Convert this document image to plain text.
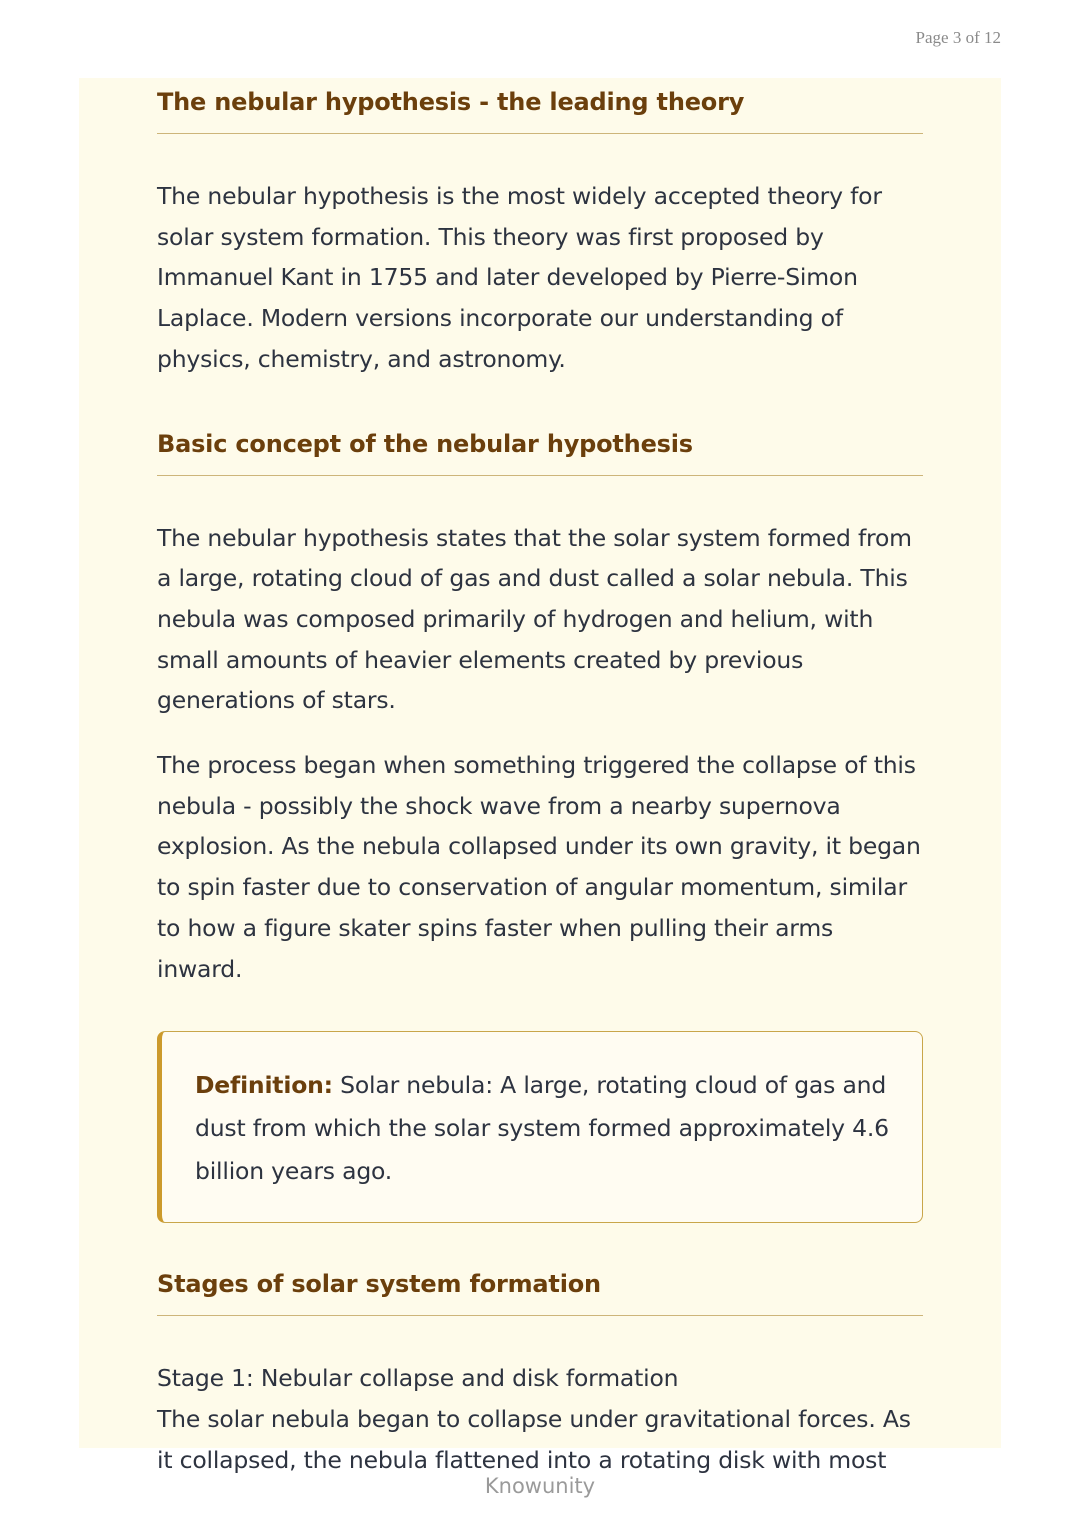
Page 3 of 12
The nebular hypothesis - the leading theory

The nebular hypothesis is the most widely accepted theory for solar system formation. This theory was first proposed by Immanuel Kant in 1755 and later developed by Pierre-Simon Laplace. Modern versions incorporate our understanding of physics, chemistry, and astronomy.

Basic concept of the nebular hypothesis

The nebular hypothesis states that the solar system formed from a large, rotating cloud of gas and dust called a solar nebula. This nebula was composed primarily of hydrogen and helium, with small amounts of heavier elements created by previous generations of stars.

The process began when something triggered the collapse of this nebula - possibly the shock wave from a nearby supernova explosion. As the nebula collapsed under its own gravity, it began to spin faster due to conservation of angular momentum, similar to how a figure skater spins faster when pulling their arms inward.

Definition: Solar nebula: A large, rotating cloud of gas and dust from which the solar system formed approximately 4.6 billion years ago.

Stages of solar system formation
Stage 1: Nebular collapse and disk formation
The solar nebula began to collapse under gravitational forces. As it collapsed, the nebula flattened into a rotating disk with most
Knowunity
